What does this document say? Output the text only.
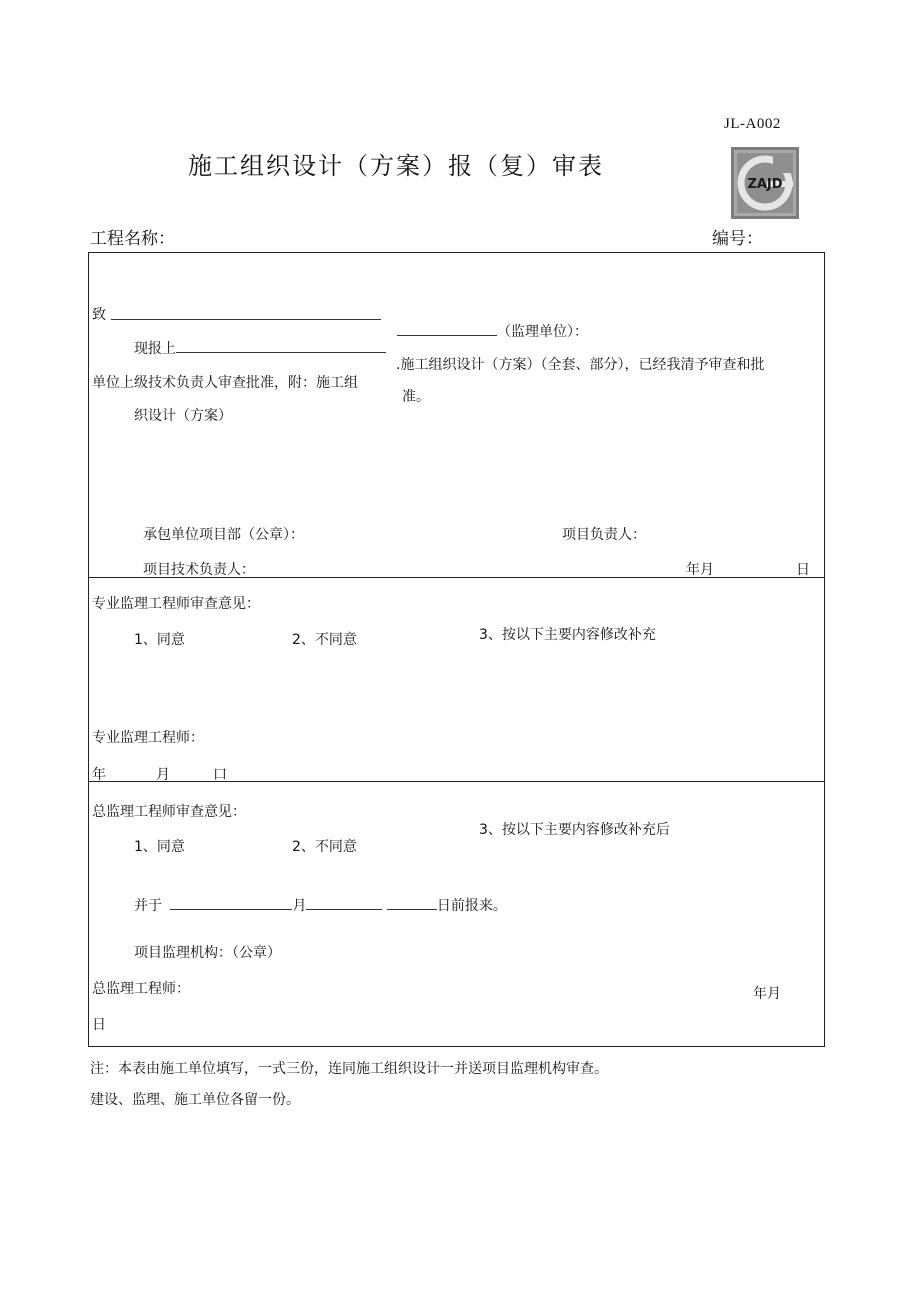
JL-A002
施工组织设计（方案）报（复）审表
ZAJD
工程名称：	编号：
致
（监理单位）：
现报上
.施工组织设计（方案）（全套、部分），已经我清予审查和批
单位上级技术负责人审查批准，附：施工组
准。
织设计（方案）
承包单位项目部（公章）：	项目负责人：
项目技术负责人：	年月	日
专业监理工程师审查意见：
1、同意	2、不同意	3、按以下主要内容修改补充
专业监理工程师：
年	月	口
总监理工程师审查意见：
3、按以下主要内容修改补充后
1、同意	2、不同意
并于	月	日前报来。
项目监理机构：（公章）
总监理工程师：	年月
日
注：本表由施工单位填写，一式三份，连同施工组织设计一并送项目监理机构审查。
建设、监理、施工单位各留一份。
